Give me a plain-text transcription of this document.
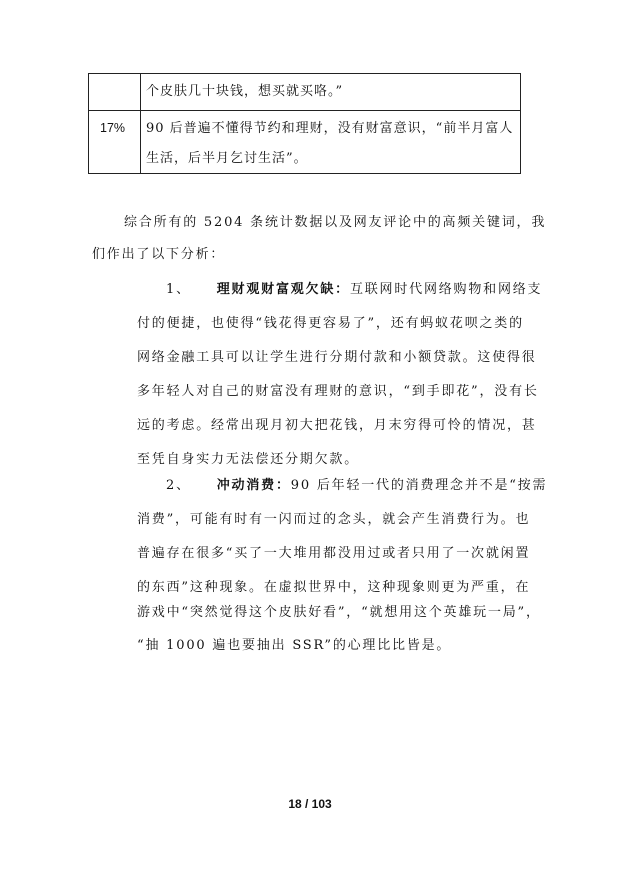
个皮肤几十块钱，想买就买咯。”
17% 90 后普遍不懂得节约和理财，没有财富意识，“前半月富人
生活，后半月乞讨生活”。
综合所有的 5204 条统计数据以及网友评论中的高频关键词，我
们作出了以下分析：
1、 理财观财富观欠缺：互联网时代网络购物和网络支
付的便捷，也使得“钱花得更容易了”，还有蚂蚁花呗之类的
网络金融工具可以让学生进行分期付款和小额贷款。这使得很
多年轻人对自己的财富没有理财的意识，“到手即花”，没有长
远的考虑。经常出现月初大把花钱，月末穷得可怜的情况，甚
至凭自身实力无法偿还分期欠款。
2、 冲动消费：90 后年轻一代的消费理念并不是“按需
消费”，可能有时有一闪而过的念头，就会产生消费行为。也
普遍存在很多“买了一大堆用都没用过或者只用了一次就闲置
的东西”这种现象。在虚拟世界中，这种现象则更为严重，在
游戏中“突然觉得这个皮肤好看”，“就想用这个英雄玩一局”，
“抽 1000 遍也要抽出 SSR”的心理比比皆是。
18 / 103
